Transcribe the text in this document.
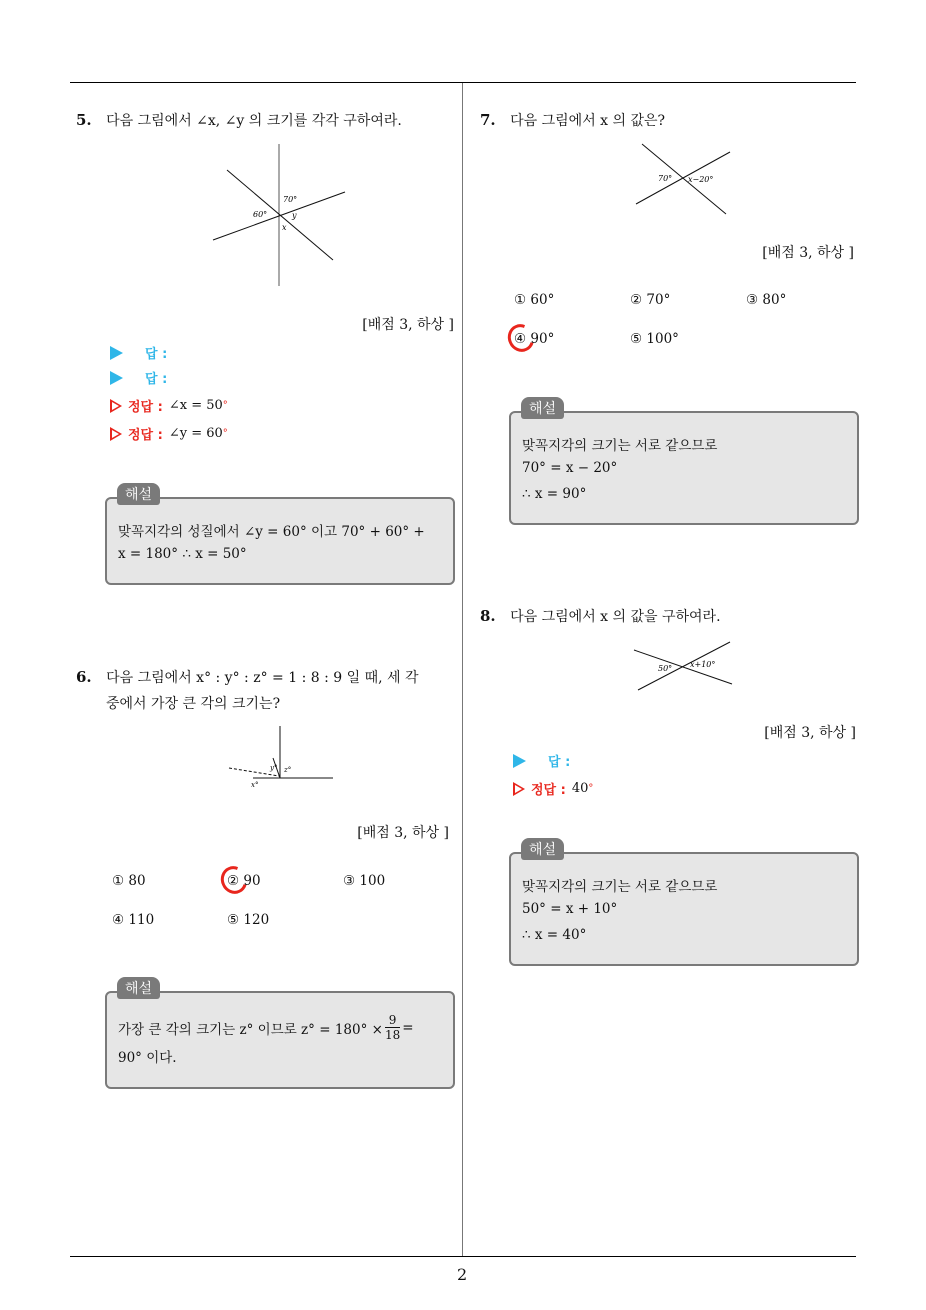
2
5. 다음 그림에서 ∠x, ∠y 의 크기를 각각 구하여라.
70°
60°	y
x
[배점 3, 하상 ]
답 :
답 :
정답 : ∠x = 50 °
정답 : ∠y = 60 °
해설
맞꼭지각의 성질에서 ∠y = 60° 이고 70° + 60° +
x = 180° ∴ x = 50°
6. 다음 그림에서 x° : y° : z° = 1 : 8 : 9 일 때, 세 각
중에서 가장 큰 각의 크기는?
y° z°
x°
[배점 3, 하상 ]
① 80	② 90	③ 100
④ 110	⑤ 120
해설
가장 큰 각의 크기는 z° 이므로 $z^\circ = 180^\circ \times \frac{9}{18}$ =
90° 이다.
7. 다음 그림에서 x 의 값은?
70° x−20°
[배점 3, 하상 ]
① 60°	② 70°	③ 80°
④ 90°	⑤ 100°
해설
맞꼭지각의 크기는 서로 같으므로
70° = x − 20°
∴ x = 90°
8. 다음 그림에서 x 의 값을 구하여라.
50° x+10°
[배점 3, 하상 ]
답 :
정답 : 40 °
해설
맞꼭지각의 크기는 서로 같으므로
50° = x + 10°
∴ x = 40°
